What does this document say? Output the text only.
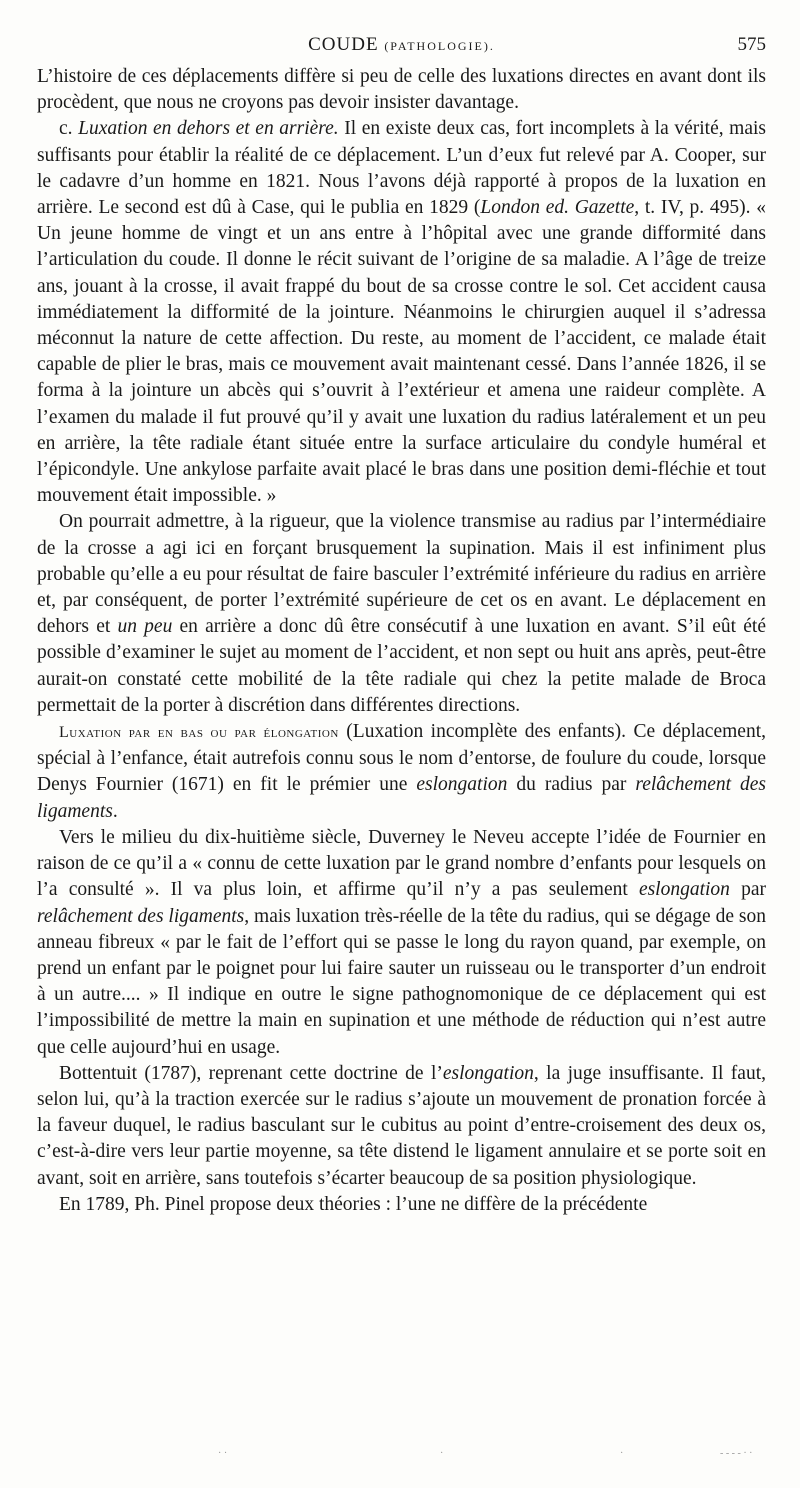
COUDE (PATHOLOGIE).	575

L’histoire de ces déplacements diffère si peu de celle des luxations directes en avant dont ils procèdent, que nous ne croyons pas devoir insister davantage.

c. Luxation en dehors et en arrière. Il en existe deux cas, fort incomplets à la vérité, mais suffisants pour établir la réalité de ce déplacement. L’un d’eux fut relevé par A. Cooper, sur le cadavre d’un homme en 1821. Nous l’avons déjà rapporté à propos de la luxation en arrière. Le second est dû à Case, qui le publia en 1829 (London ed. Gazette, t. IV, p. 495). « Un jeune homme de vingt et un ans entre à l’hôpital avec une grande difformité dans l’articulation du coude. Il donne le récit suivant de l’origine de sa maladie. A l’âge de treize ans, jouant à la crosse, il avait frappé du bout de sa crosse contre le sol. Cet accident causa immédiatement la difformité de la jointure. Néanmoins le chirurgien auquel il s’adressa méconnut la nature de cette affection. Du reste, au moment de l’accident, ce malade était capable de plier le bras, mais ce mouvement avait maintenant cessé. Dans l’année 1826, il se forma à la jointure un abcès qui s’ouvrit à l’extérieur et amena une raideur complète. A l’examen du malade il fut prouvé qu’il y avait une luxation du radius latéralement et un peu en arrière, la tête radiale étant située entre la surface articulaire du condyle huméral et l’épicondyle. Une ankylose parfaite avait placé le bras dans une position demi-fléchie et tout mouvement était impossible. »

On pourrait admettre, à la rigueur, que la violence transmise au radius par l’intermédiaire de la crosse a agi ici en forçant brusquement la supination. Mais il est infiniment plus probable qu’elle a eu pour résultat de faire basculer l’extrémité inférieure du radius en arrière et, par conséquent, de porter l’extrémité supérieure de cet os en avant. Le déplacement en dehors et un peu en arrière a donc dû être consécutif à une luxation en avant. S’il eût été possible d’examiner le sujet au moment de l’accident, et non sept ou huit ans après, peut-être aurait-on constaté cette mobilité de la tête radiale qui chez la petite malade de Broca permettait de la porter à discrétion dans différentes directions.

Luxation par en bas ou par élongation (Luxation incomplète des enfants). Ce déplacement, spécial à l’enfance, était autrefois connu sous le nom d’entorse, de foulure du coude, lorsque Denys Fournier (1671) en fit le prémier une eslongation du radius par relâchement des ligaments.

Vers le milieu du dix-huitième siècle, Duverney le Neveu accepte l’idée de Fournier en raison de ce qu’il a « connu de cette luxation par le grand nombre d’enfants pour lesquels on l’a consulté ». Il va plus loin, et affirme qu’il n’y a pas seulement eslongation par relâchement des ligaments, mais luxation très-réelle de la tête du radius, qui se dégage de son anneau fibreux « par le fait de l’effort qui se passe le long du rayon quand, par exemple, on prend un enfant par le poignet pour lui faire sauter un ruisseau ou le transporter d’un endroit à un autre.... » Il indique en outre le signe pathognomonique de ce déplacement qui est l’impossibilité de mettre la main en supination et une méthode de réduction qui n’est autre que celle aujourd’hui en usage.

Bottentuit (1787), reprenant cette doctrine de l’eslongation, la juge insuffisante. Il faut, selon lui, qu’à la traction exercée sur le radius s’ajoute un mouvement de pronation forcée à la faveur duquel, le radius basculant sur le cubitus au point d’entre-croisement des deux os, c’est-à-dire vers leur partie moyenne, sa tête distend le ligament annulaire et se porte soit en avant, soit en arrière, sans toutefois s’écarter beaucoup de sa position physiologique.

En 1789, Ph. Pinel propose deux théories : l’une ne diffère de la précédente

· ·	·	·	- - - - · ·
